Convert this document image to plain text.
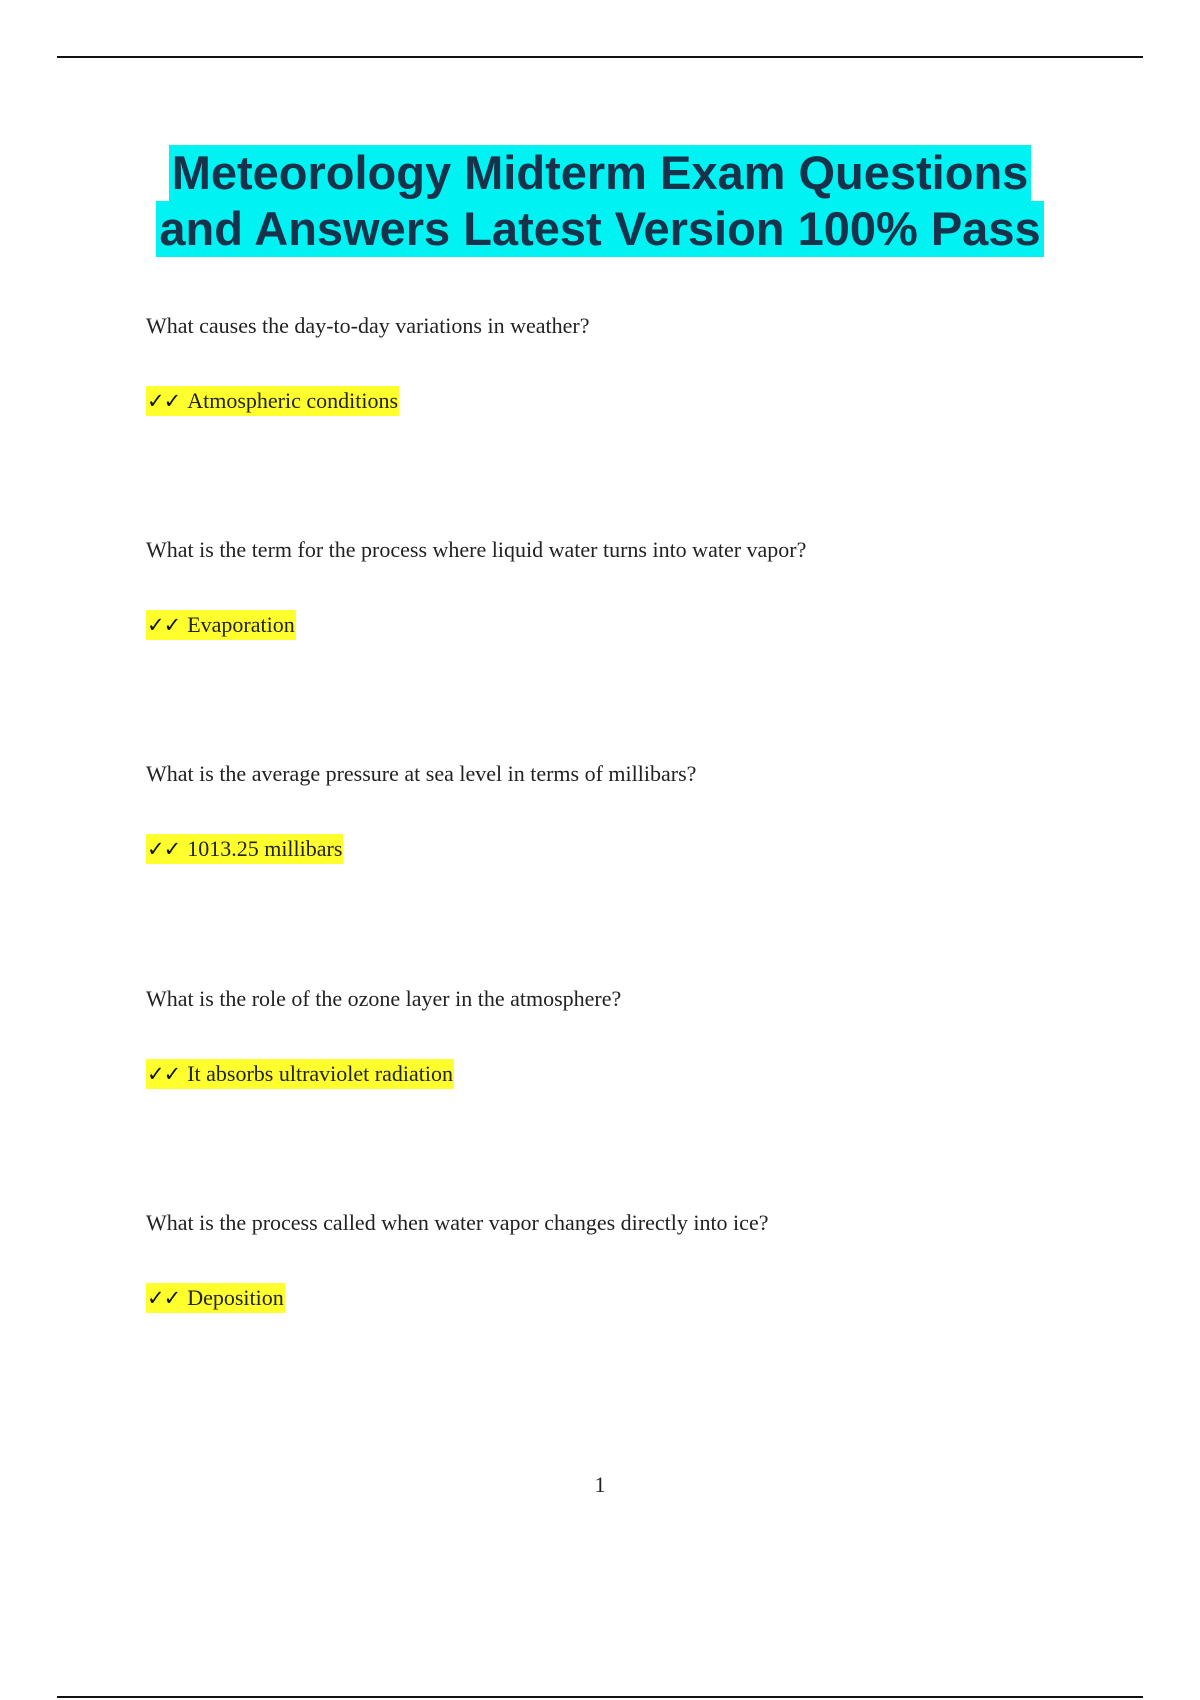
Meteorology Midterm Exam Questions
and Answers Latest Version 100% Pass
What causes the day-to-day variations in weather?
✓✓ Atmospheric conditions
What is the term for the process where liquid water turns into water vapor?
✓✓ Evaporation
What is the average pressure at sea level in terms of millibars?
✓✓ 1013.25 millibars
What is the role of the ozone layer in the atmosphere?
✓✓ It absorbs ultraviolet radiation
What is the process called when water vapor changes directly into ice?
✓✓ Deposition
1
